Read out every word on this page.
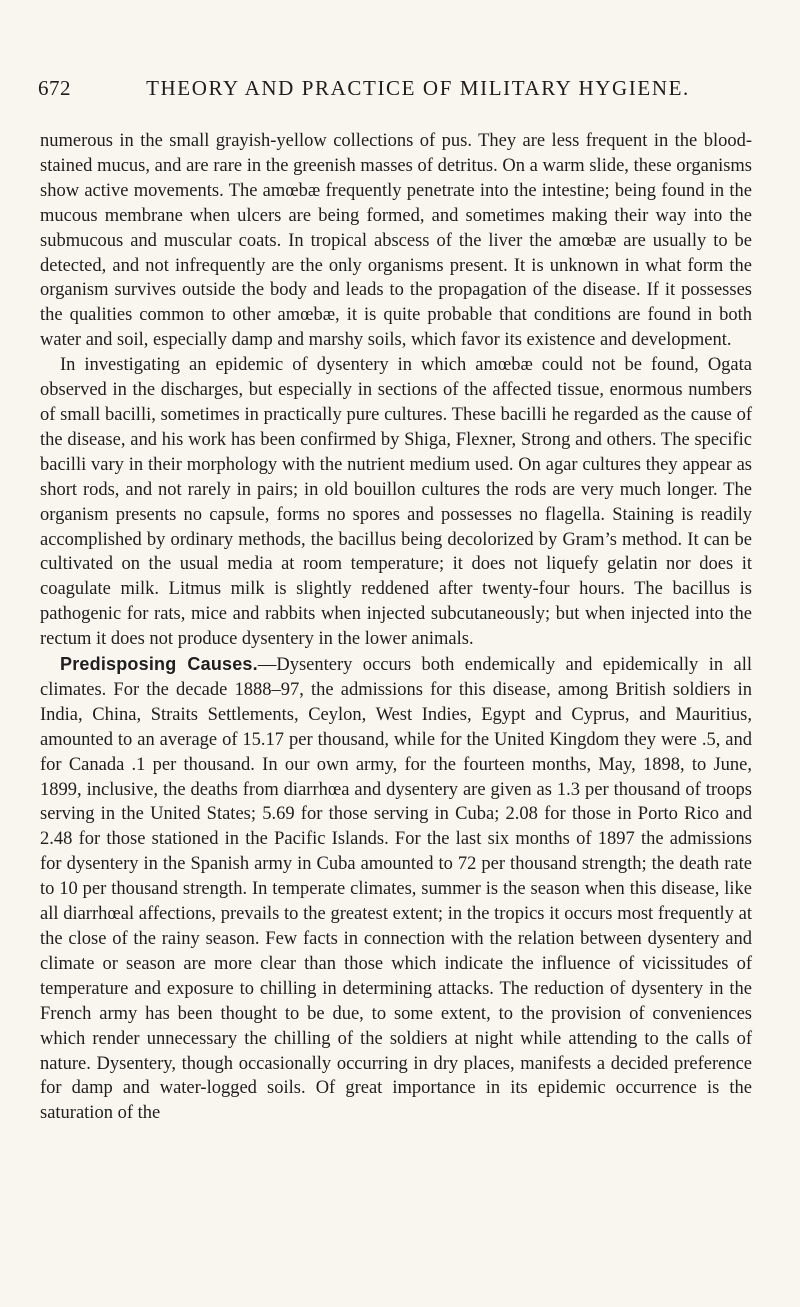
672	THEORY AND PRACTICE OF MILITARY HYGIENE.

numerous in the small grayish-yellow collections of pus. They are less frequent in the blood-stained mucus, and are rare in the greenish masses of detritus. On a warm slide, these organisms show active movements. The amœbæ frequently penetrate into the intestine; being found in the mucous membrane when ulcers are being formed, and sometimes making their way into the submucous and muscular coats. In tropical abscess of the liver the amœbæ are usually to be detected, and not infrequently are the only organisms present. It is unknown in what form the organism survives outside the body and leads to the propagation of the disease. If it possesses the qualities common to other amœbæ, it is quite probable that conditions are found in both water and soil, especially damp and marshy soils, which favor its existence and development.

In investigating an epidemic of dysentery in which amœbæ could not be found, Ogata observed in the discharges, but especially in sections of the affected tissue, enormous numbers of small bacilli, sometimes in practically pure cultures. These bacilli he regarded as the cause of the disease, and his work has been confirmed by Shiga, Flexner, Strong and others. The specific bacilli vary in their morphology with the nutrient medium used. On agar cultures they appear as short rods, and not rarely in pairs; in old bouillon cultures the rods are very much longer. The organism presents no capsule, forms no spores and possesses no flagella. Staining is readily accomplished by ordinary methods, the bacillus being decolorized by Gram’s method. It can be cultivated on the usual media at room temperature; it does not liquefy gelatin nor does it coagulate milk. Litmus milk is slightly reddened after twenty-four hours. The bacillus is pathogenic for rats, mice and rabbits when injected subcutaneously; but when injected into the rectum it does not produce dysentery in the lower animals.

Predisposing Causes.—Dysentery occurs both endemically and epidemically in all climates. For the decade 1888–97, the admissions for this disease, among British soldiers in India, China, Straits Settlements, Ceylon, West Indies, Egypt and Cyprus, and Mauritius, amounted to an average of 15.17 per thousand, while for the United Kingdom they were .5, and for Canada .1 per thousand. In our own army, for the fourteen months, May, 1898, to June, 1899, inclusive, the deaths from diarrhœa and dysentery are given as 1.3 per thousand of troops serving in the United States; 5.69 for those serving in Cuba; 2.08 for those in Porto Rico and 2.48 for those stationed in the Pacific Islands. For the last six months of 1897 the admissions for dysentery in the Spanish army in Cuba amounted to 72 per thousand strength; the death rate to 10 per thousand strength. In temperate climates, summer is the season when this disease, like all diarrhœal affections, prevails to the greatest extent; in the tropics it occurs most frequently at the close of the rainy season. Few facts in connection with the relation between dysentery and climate or season are more clear than those which indicate the influence of vicissitudes of temperature and exposure to chilling in determining attacks. The reduction of dysentery in the French army has been thought to be due, to some extent, to the provision of conveniences which render unnecessary the chilling of the soldiers at night while attending to the calls of nature. Dysentery, though occasionally occurring in dry places, manifests a decided preference for damp and water-logged soils. Of great importance in its epidemic occurrence is the saturation of the
